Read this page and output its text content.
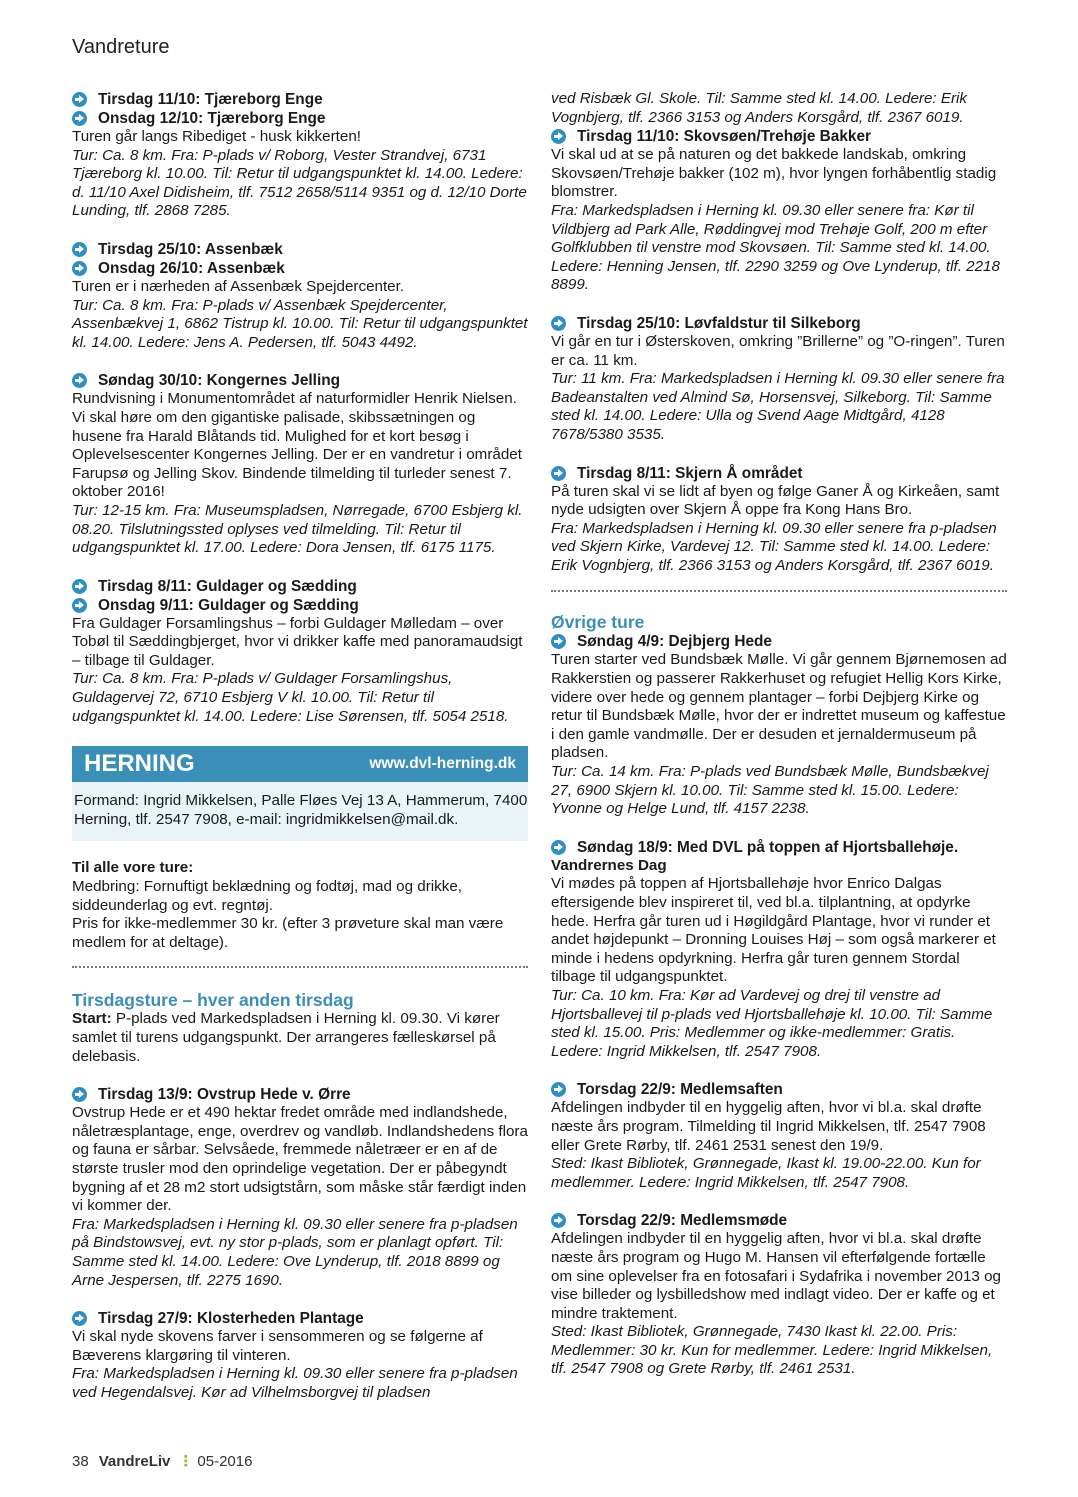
Vandreture
Tirsdag 11/10: Tjæreborg Enge
Onsdag 12/10: Tjæreborg Enge

Turen går langs Ribediget - husk kikkerten!

Tur: Ca. 8 km. Fra: P-plads v/ Roborg, Vester Strandvej, 6731 Tjæreborg kl. 10.00. Til: Retur til udgangspunktet kl. 14.00. Ledere: d. 11/10 Axel Didisheim, tlf. 7512 2658/5114 9351 og d. 12/10 Dorte Lunding, tlf. 2868 7285.

Tirsdag 25/10: Assenbæk
Onsdag 26/10: Assenbæk

Turen er i nærheden af Assenbæk Spejdercenter.

Tur: Ca. 8 km. Fra: P-plads v/ Assenbæk Spejdercenter, Assenbækvej 1, 6862 Tistrup kl. 10.00. Til: Retur til udgangspunktet kl. 14.00. Ledere: Jens A. Pedersen, tlf. 5043 4492.

Søndag 30/10: Kongernes Jelling

Rundvisning i Monumentområdet af naturformidler Henrik Nielsen. Vi skal høre om den gigantiske palisade, skibssætningen og husene fra Harald Blåtands tid. Mulighed for et kort besøg i Oplevelsescenter Kongernes Jelling. Der er en vandretur i området Farupsø og Jelling Skov. Bindende tilmelding til turleder senest 7. oktober 2016!

Tur: 12-15 km. Fra: Museumspladsen, Nørregade, 6700 Esbjerg kl. 08.20. Tilslutningssted oplyses ved tilmelding. Til: Retur til udgangspunktet kl. 17.00. Ledere: Dora Jensen, tlf. 6175 1175.

Tirsdag 8/11: Guldager og Sædding
Onsdag 9/11: Guldager og Sædding

Fra Guldager Forsamlingshus – forbi Guldager Mølledam – over Tobøl til Sæddingbjerget, hvor vi drikker kaffe med panoramaudsigt – tilbage til Guldager.

Tur: Ca. 8 km. Fra: P-plads v/ Guldager Forsamlingshus, Guldagervej 72, 6710 Esbjerg V kl. 10.00. Til: Retur til udgangspunktet kl. 14.00. Ledere: Lise Sørensen, tlf. 5054 2518.

HERNING	www.dvl-herning.dk
Formand: Ingrid Mikkelsen, Palle Fløes Vej 13 A, Hammerum, 7400 Herning, tlf. 2547 7908, e-mail: ingridmikkelsen@mail.dk.
Til alle vore ture:
Medbring: Fornuftigt beklædning og fodtøj, mad og drikke, siddeunderlag og evt. regntøj.
Pris for ikke-medlemmer 30 kr. (efter 3 prøveture skal man være medlem for at deltage).
Tirsdagsture – hver anden tirsdag
Start: P-plads ved Markedspladsen i Herning kl. 09.30. Vi kører samlet til turens udgangspunkt. Der arrangeres fælleskørsel på delebasis.
Tirsdag 13/9: Ovstrup Hede v. Ørre

Ovstrup Hede er et 490 hektar fredet område med indlandshede, nåletræsplantage, enge, overdrev og vandløb. Indlandshedens flora og fauna er sårbar. Selvsåede, fremmede nåletræer er en af de største trusler mod den oprindelige vegetation. Der er påbegyndt bygning af et 28 m2 stort udsigtstårn, som måske står færdigt inden vi kommer der.

Fra: Markedspladsen i Herning kl. 09.30 eller senere fra p-pladsen på Bindstowsvej, evt. ny stor p-plads, som er planlagt opført. Til: Samme sted kl. 14.00. Ledere: Ove Lynderup, tlf. 2018 8899 og Arne Jespersen, tlf. 2275 1690.

Tirsdag 27/9: Klosterheden Plantage

Vi skal nyde skovens farver i sensommeren og se følgerne af Bæverens klargøring til vinteren.

Fra: Markedspladsen i Herning kl. 09.30 eller senere fra p-pladsen ved Hegendalsvej. Kør ad Vilhelmsborgvej til pladsen

ved Risbæk Gl. Skole. Til: Samme sted kl. 14.00. Ledere: Erik Vognbjerg, tlf. 2366 3153 og Anders Korsgård, tlf. 2367 6019.
Tirsdag 11/10: Skovsøen/Trehøje Bakker

Vi skal ud at se på naturen og det bakkede landskab, omkring Skovsøen/Trehøje bakker (102 m), hvor lyngen forhåbentlig stadig blomstrer.

Fra: Markedspladsen i Herning kl. 09.30 eller senere fra: Kør til Vildbjerg ad Park Alle, Røddingvej mod Trehøje Golf, 200 m efter Golfklubben til venstre mod Skovsøen. Til: Samme sted kl. 14.00. Ledere: Henning Jensen, tlf. 2290 3259 og Ove Lynderup, tlf. 2218 8899.

Tirsdag 25/10: Løvfaldstur til Silkeborg

Vi går en tur i Østerskoven, omkring ”Brillerne” og ”O-ringen”. Turen er ca. 11 km.

Tur: 11 km. Fra: Markedspladsen i Herning kl. 09.30 eller senere fra Badeanstalten ved Almind Sø, Horsensvej, Silkeborg. Til: Samme sted kl. 14.00. Ledere: Ulla og Svend Aage Midtgård, 4128 7678/5380 3535.

Tirsdag 8/11: Skjern Å området

På turen skal vi se lidt af byen og følge Ganer Å og Kirkeåen, samt nyde udsigten over Skjern Å oppe fra Kong Hans Bro.

Fra: Markedspladsen i Herning kl. 09.30 eller senere fra p-pladsen ved Skjern Kirke, Vardevej 12. Til: Samme sted kl. 14.00. Ledere: Erik Vognbjerg, tlf. 2366 3153 og Anders Korsgård, tlf. 2367 6019.

Øvrige ture
Søndag 4/9: Dejbjerg Hede

Turen starter ved Bundsbæk Mølle. Vi går gennem Bjørnemosen ad Rakkerstien og passerer Rakkerhuset og refugiet Hellig Kors Kirke, videre over hede og gennem plantager – forbi Dejbjerg Kirke og retur til Bundsbæk Mølle, hvor der er indrettet museum og kaffestue i den gamle vandmølle. Der er desuden et jernaldermuseum på pladsen.

Tur: Ca. 14 km. Fra: P-plads ved Bundsbæk Mølle, Bundsbækvej 27, 6900 Skjern kl. 10.00. Til: Samme sted kl. 15.00. Ledere: Yvonne og Helge Lund, tlf. 4157 2238.

Søndag 18/9: Med DVL på toppen af Hjortsballehøje.
Vandrernes Dag

Vi mødes på toppen af Hjortsballehøje hvor Enrico Dalgas eftersigende blev inspireret til, ved bl.a. tilplantning, at opdyrke hede. Herfra går turen ud i Høgildgård Plantage, hvor vi runder et andet højdepunkt – Dronning Louises Høj – som også markerer et minde i hedens opdyrkning. Herfra går turen gennem Stordal tilbage til udgangspunktet.

Tur: Ca. 10 km. Fra: Kør ad Vardevej og drej til venstre ad Hjortsballevej til p-plads ved Hjortsballehøje kl. 10.00. Til: Samme sted kl. 15.00. Pris: Medlemmer og ikke-medlemmer: Gratis. Ledere: Ingrid Mikkelsen, tlf. 2547 7908.

Torsdag 22/9: Medlemsaften

Afdelingen indbyder til en hyggelig aften, hvor vi bl.a. skal drøfte næste års program. Tilmelding til Ingrid Mikkelsen, tlf. 2547 7908 eller Grete Rørby, tlf. 2461 2531 senest den 19/9.

Sted: Ikast Bibliotek, Grønnegade, Ikast kl. 19.00-22.00. Kun for medlemmer. Ledere: Ingrid Mikkelsen, tlf. 2547 7908.

Torsdag 22/9: Medlemsmøde

Afdelingen indbyder til en hyggelig aften, hvor vi bl.a. skal drøfte næste års program og Hugo M. Hansen vil efterfølgende fortælle om sine oplevelser fra en fotosafari i Sydafrika i november 2013 og vise billeder og lysbilledshow med indlagt video. Der er kaffe og et mindre traktement.

Sted: Ikast Bibliotek, Grønnegade, 7430 Ikast kl. 22.00. Pris: Medlemmer: 30 kr. Kun for medlemmer. Ledere: Ingrid Mikkelsen, tlf. 2547 7908 og Grete Rørby, tlf. 2461 2531.

38 VandreLiv ⋮ 05-2016
